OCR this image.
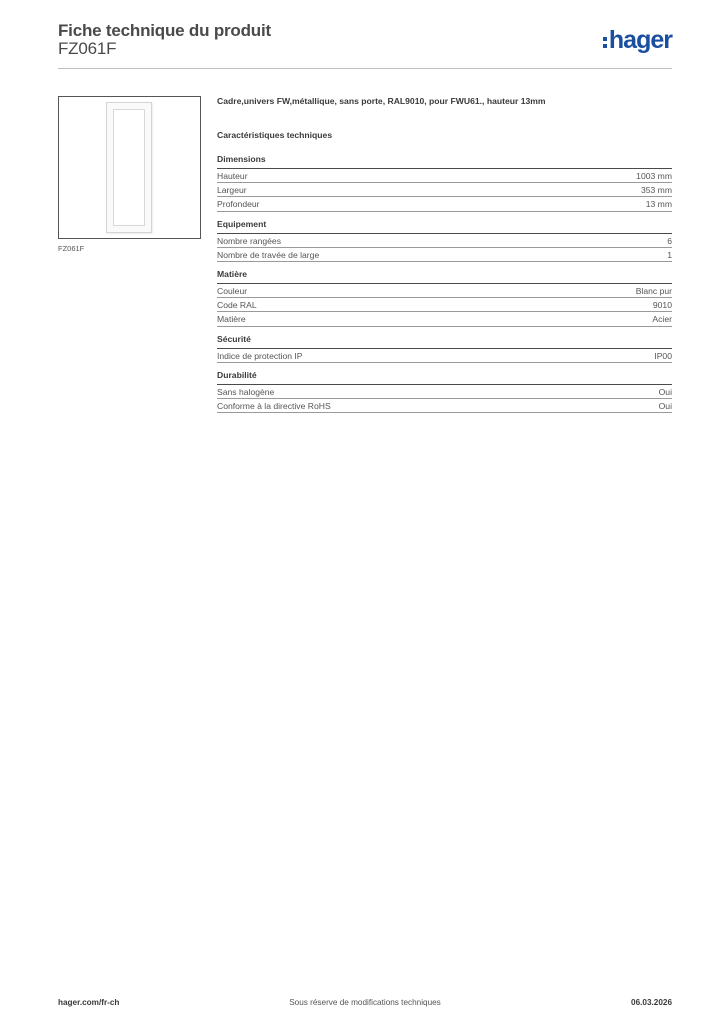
Fiche technique du produit
FZ061F	hager
FZ061F
Cadre,univers FW,métallique, sans porte, RAL9010, pour FWU61., hauteur 13mm
Caractéristiques techniques
Dimensions
Hauteur	1003 mm
Largeur	353 mm
Profondeur	13 mm
Equipement
Nombre rangées	6
Nombre de travée de large	1
Matière
Couleur	Blanc pur
Code RAL	9010
Matière	Acier
Sécurité
Indice de protection IP	IP00
Durabilité
Sans halogène	Oui
Conforme à la directive RoHS	Oui
hager.com/fr-ch	Sous réserve de modifications techniques	06.03.2026
